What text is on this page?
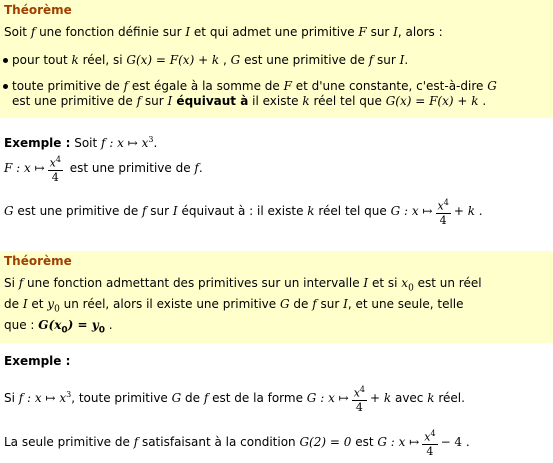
Théorème
Soit f une fonction définie sur I et qui admet une primitive F sur I, alors :
pour tout k réel, si G(x) = F(x) + k , G est une primitive de f sur I.
toute primitive de f est égale à la somme de F et d'une constante, c'est-à-dire G
est une primitive de f sur I équivaut à il existe k réel tel que G(x) = F(x) + k .
Exemple : Soit f : x ↦ $x^3$.
F : x ↦ $\frac{x^4}{4}$ est une primitive de f.
G est une primitive de f sur I équivaut à : il existe k réel tel que G : x ↦ $\frac{x^4}{4} + k$ .
Théorème
Si f une fonction admettant des primitives sur un intervalle I et si $x_0$ est un réel
de I et $y_0$ un réel, alors il existe une primitive G de f sur I, et une seule, telle
que : $G(x_0) = y_0$ .
Exemple :
Si f : x ↦ $x^3$, toute primitive G de f est de la forme G : x ↦ $\frac{x^4}{4} + k$ avec k réel.
La seule primitive de f satisfaisant à la condition G(2) = 0 est G : x ↦ $\frac{x^4}{4} - 4$ .
